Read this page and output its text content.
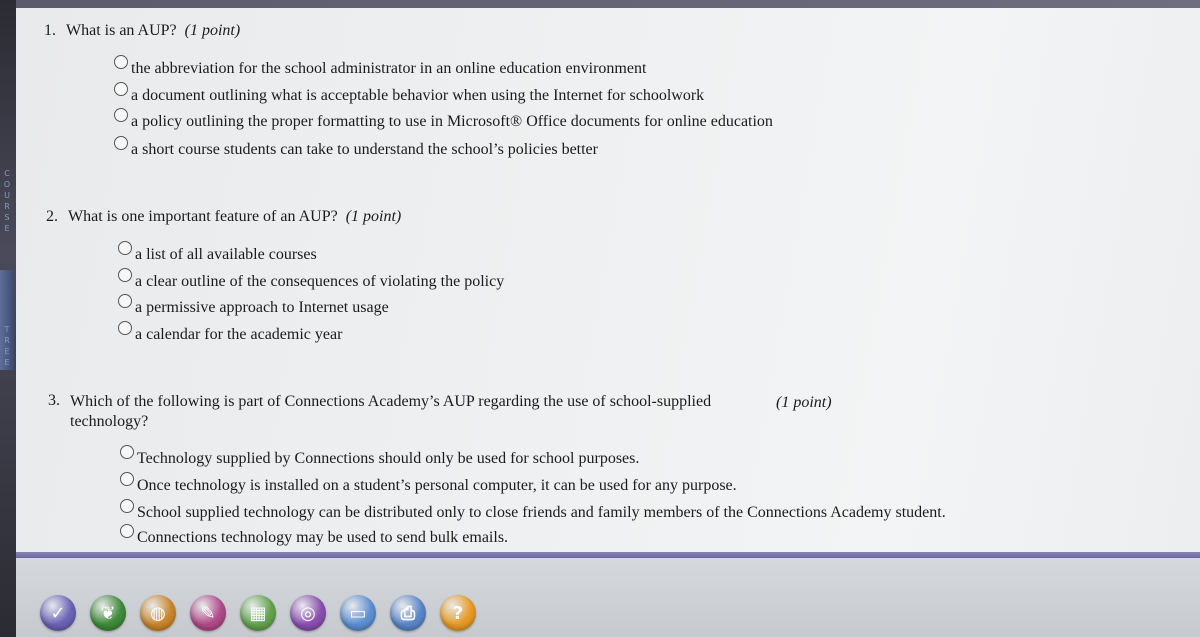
C
O
U
R
S
E
T
R
E
E
1. What is an AUP? (1 point)
the abbreviation for the school administrator in an online education environment
a document outlining what is acceptable behavior when using the Internet for schoolwork
a policy outlining the proper formatting to use in Microsoft® Office documents for online education
a short course students can take to understand the school’s policies better
2. What is one important feature of an AUP? (1 point)
a list of all available courses
a clear outline of the consequences of violating the policy
a permissive approach to Internet usage
a calendar for the academic year
3. Which of the following is part of Connections Academy’s AUP regarding the use of school-supplied technology?
(1 point)
Technology supplied by Connections should only be used for school purposes.
Once technology is installed on a student’s personal computer, it can be used for any purpose.
School supplied technology can be distributed only to close friends and family members of the Connections Academy student.
Connections technology may be used to send bulk emails.
✓	❦	◍	✎	▦	◎	▭	⎙	?
